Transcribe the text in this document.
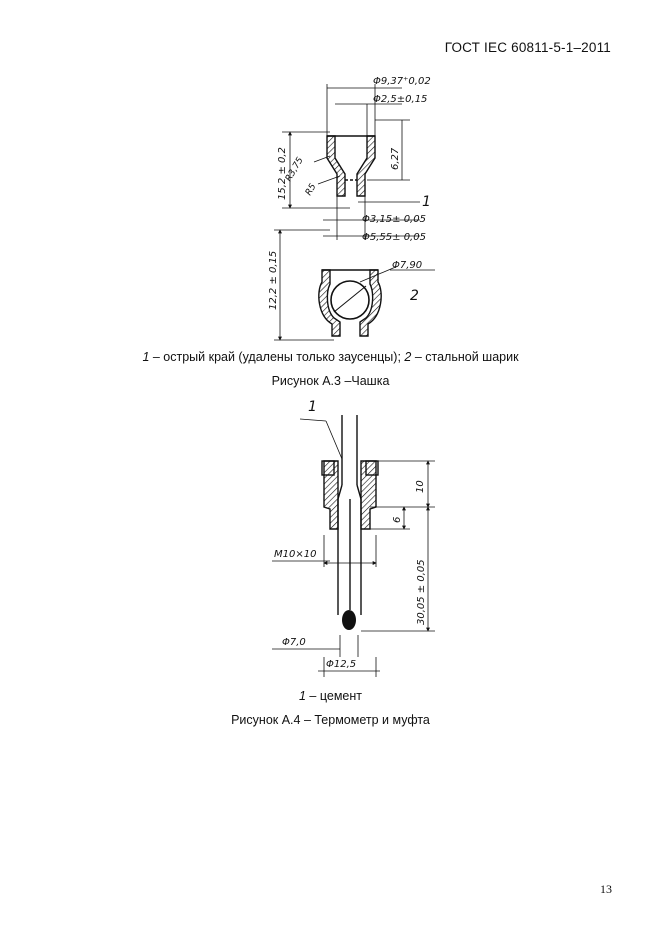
ГОСТ IEC 60811-5-1–2011
Φ9,37⁺0,02
Φ2,5±0,15
6,27
15,2 ± 0,2
R3,75
R5
1
Φ3,15± 0,05
Φ5,55± 0,05
12,2 ± 0,15	Φ7,90
2
1 – острый край (удалены только заусенцы); 2 – стальной шарик
Рисунок А.3 –Чашка
1
10
6
M10×10
30,05 ± 0,05
Φ7,0
Φ12,5
1 – цемент
Рисунок А.4 – Термометр и муфта
13
